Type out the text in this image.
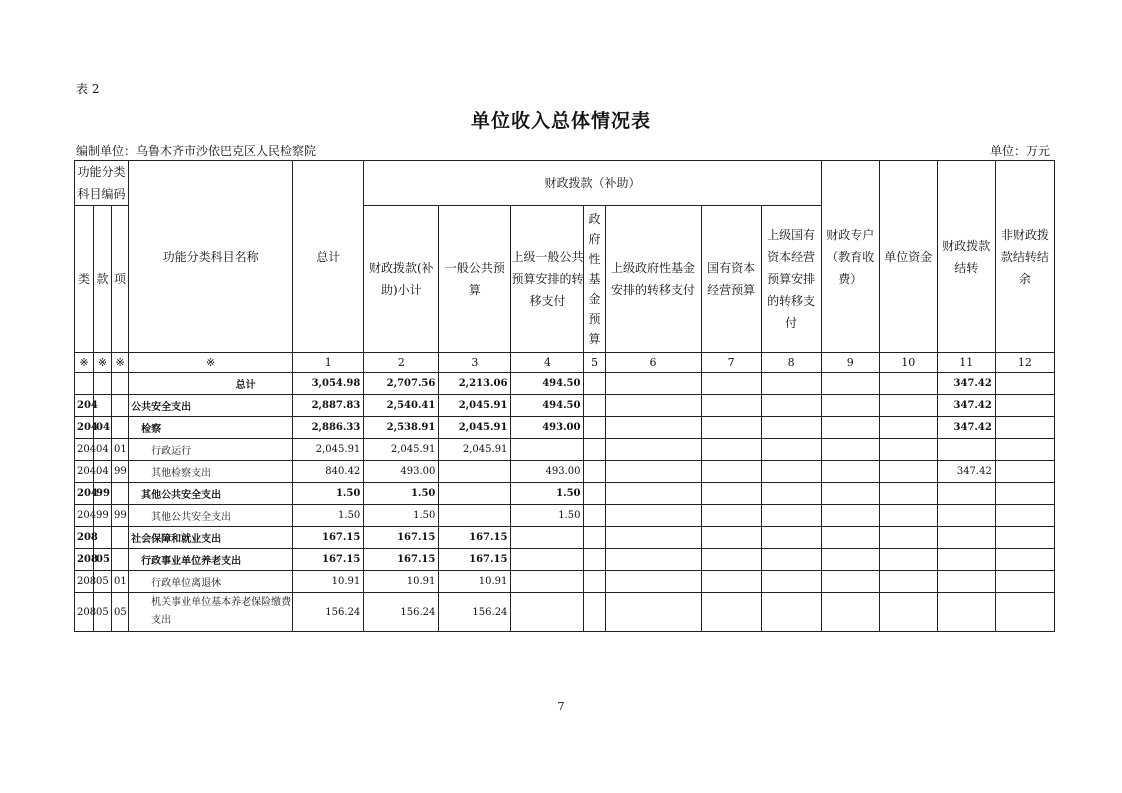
表 2
单位收入总体情况表
编制单位：乌鲁木齐市沙依巴克区人民检察院	单位：万元
功能分类科目编码			功能分类科目名称	总计	财政拨款（补助）							财政专户（教育收费）	单位资金	财政拨款结转	非财政拨款结转结余
类	款	项			财政拨款(补助)小计	一般公共预算	上级一般公共预算安排的转移支付	政府性基金预算	上级政府性基金安排的转移支付	国有资本经营预算	上级国有资本经营预算安排的转移支付				
※	※	※	※	1	2	3	4	5	6	7	8	9	10	11	12
			总计	3,054.98	2,707.56	2,213.06	494.50							347.42	
204			公共安全支出	2,887.83	2,540.41	2,045.91	494.50							347.42	
204	04		检察	2,886.33	2,538.91	2,045.91	493.00							347.42	
204	04	01	行政运行	2,045.91	2,045.91	2,045.91									
204	04	99	其他检察支出	840.42	493.00		493.00							347.42	
204	99		其他公共安全支出	1.50	1.50		1.50								
204	99	99	其他公共安全支出	1.50	1.50		1.50								
208			社会保障和就业支出	167.15	167.15	167.15									
208	05		行政事业单位养老支出	167.15	167.15	167.15									
208	05	01	行政单位离退休	10.91	10.91	10.91									
208	05	05	机关事业单位基本养老保险缴费支出	156.24	156.24	156.24									
7
